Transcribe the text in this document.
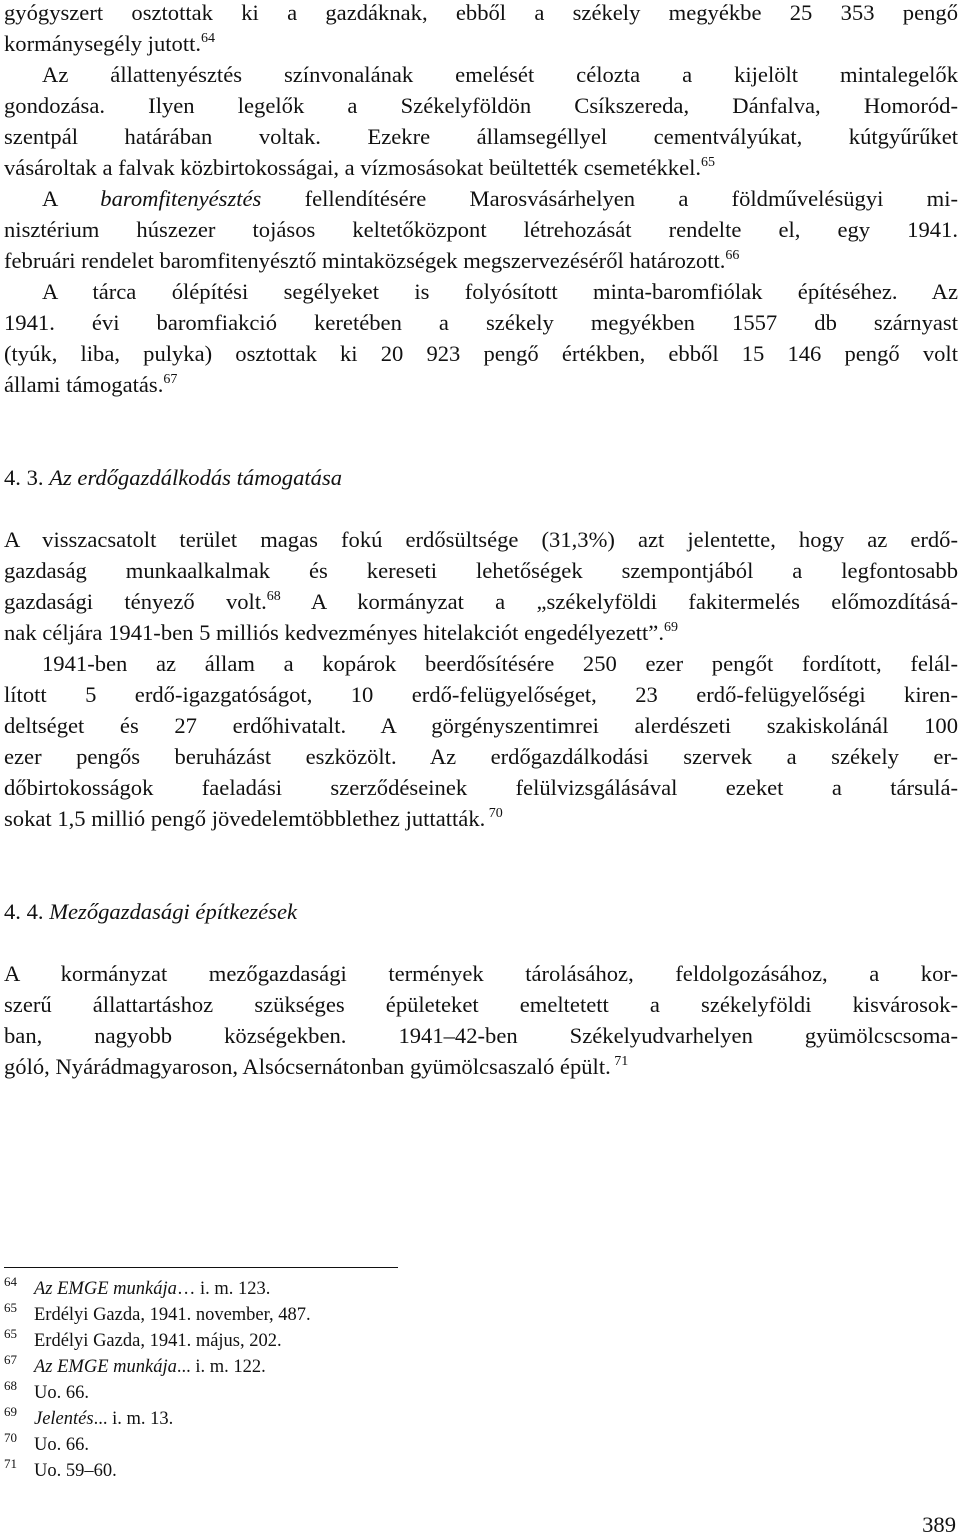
gyógyszert osztottak ki a gazdáknak, ebből a székely megyékbe 25 353 pengő
kormánysegély jutott.$^{64}$
Az állattenyésztés színvonalának emelését célozta a kijelölt mintalegelők
gondozása. Ilyen legelők a Székelyföldön Csíkszereda, Dánfalva, Homoród-
szentpál határában voltak. Ezekre államsegéllyel cementvályúkat, kútgyűrűket
vásároltak a falvak közbirtokosságai, a vízmosásokat beültették csemetékkel.$^{65}$
A baromfitenyésztés fellendítésére Marosvásárhelyen a földművelésügyi mi-
nisztérium húszezer tojásos keltetőközpont létrehozását rendelte el, egy 1941.
februári rendelet baromfitenyésztő mintaközségek megszervezéséről határozott.$^{66}$
A tárca ólépítési segélyeket is folyósított minta-baromfiólak építéséhez. Az
1941. évi baromfiakció keretében a székely megyékben 1557 db szárnyast
(tyúk, liba, pulyka) osztottak ki 20 923 pengő értékben, ebből 15 146 pengő volt
állami támogatás.$^{67}$
4. 3. Az erdőgazdálkodás támogatása
A visszacsatolt terület magas fokú erdősültsége (31,3%) azt jelentette, hogy az erdő-
gazdaság munkaalkalmak és kereseti lehetőségek szempontjából a legfontosabb
gazdasági tényező volt.$^{68}$ A kormányzat a „székelyföldi fakitermelés előmozdításá-
nak céljára 1941-ben 5 milliós kedvezményes hitelakciót engedélyezett”.$^{69}$
1941-ben az állam a kopárok beerdősítésére 250 ezer pengőt fordított, felál-
lított 5 erdő-igazgatóságot, 10 erdő-felügyelőséget, 23 erdő-felügyelőségi kiren-
deltséget és 27 erdőhivatalt. A görgényszentimrei alerdészeti szakiskolánál 100
ezer pengős beruházást eszközölt. Az erdőgazdálkodási szervek a székely er-
dőbirtokosságok faeladási szerződéseinek felülvizsgálásával ezeket a társulá-
sokat 1,5 millió pengő jövedelemtöbblethez juttatták. $^{70}$
4. 4. Mezőgazdasági építkezések
A kormányzat mezőgazdasági termények tárolásához, feldolgozásához, a kor-
szerű állattartáshoz szükséges épületeket emeltetett a székelyföldi kisvárosok-
ban, nagyobb községekben. 1941–42-ben Székelyudvarhelyen gyümölcscsoma-
góló, Nyárádmagyaroson, Alsócsernátonban gyümölcsaszaló épült. $^{71}$
64 Az EMGE munkája… i. m. 123.
65 Erdélyi Gazda, 1941. november, 487.
65 Erdélyi Gazda, 1941. május, 202.
67 Az EMGE munkája... i. m. 122.
68 Uo. 66.
69 Jelentés... i. m. 13.
70 Uo. 66.
71 Uo. 59–60.
389
